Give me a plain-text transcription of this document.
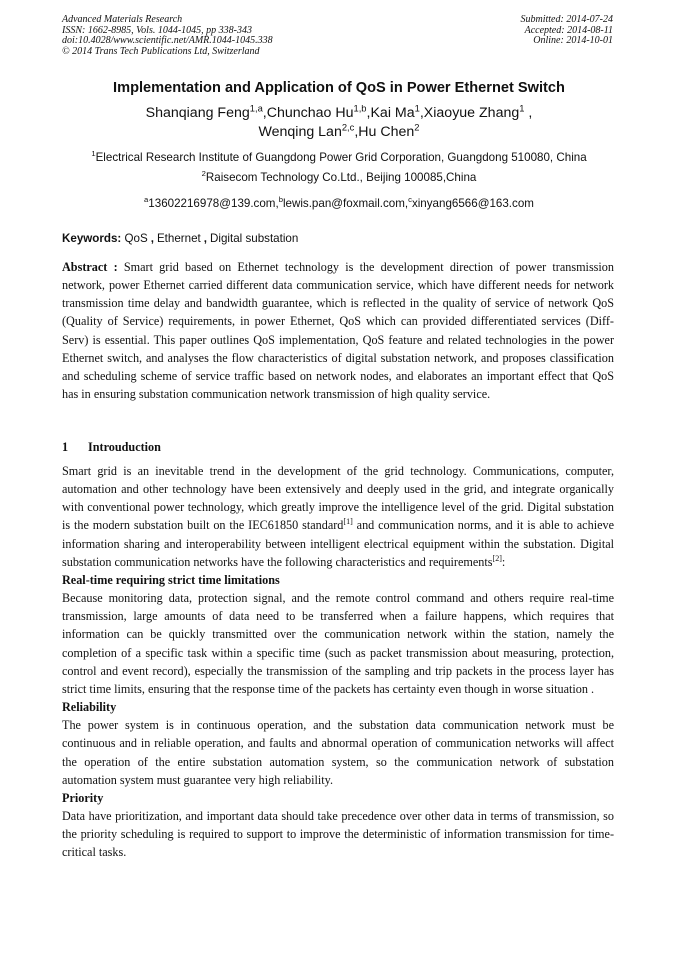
Advanced Materials Research
ISSN: 1662-8985, Vols. 1044-1045, pp 338-343
doi:10.4028/www.scientific.net/AMR.1044-1045.338
© 2014 Trans Tech Publications Ltd, Switzerland
Submitted: 2014-07-24
Accepted: 2014-08-11
Online: 2014-10-01
Implementation and Application of QoS in Power Ethernet Switch
Shanqiang Feng$^{1,a}$,Chunchao Hu$^{1,b}$,Kai Ma$^1$,Xiaoyue Zhang$^1$ ,
Wenqing Lan$^{2,c}$,Hu Chen$^2$
$^1$Electrical Research Institute of Guangdong Power Grid Corporation, Guangdong 510080, China
$^2$Raisecom Technology Co.Ltd., Beijing 100085,China
$^a$13602216978@139.com,$^b$lewis.pan@foxmail.com,$^c$xinyang6566@163.com
Keywords: QoS , Ethernet , Digital substation

Abstract : Smart grid based on Ethernet technology is the development direction of power transmission network, power Ethernet carried different data communication service, which have different needs for network transmission time delay and bandwidth guarantee, which is reflected in the quality of service of network QoS (Quality of Service) requirements, in power Ethernet, QoS which can provided differentiated services (Diff-Serv) is essential. This paper outlines QoS implementation, QoS feature and related technologies in the power Ethernet switch, and analyses the flow characteristics of digital substation network, and proposes classification and scheduling scheme of service traffic based on network nodes, and elaborates an important effect that QoS has in ensuring substation communication network transmission of high quality service.

1 Introuduction

Smart grid is an inevitable trend in the development of the grid technology. Communications, computer, automation and other technology have been extensively and deeply used in the grid, and integrate organically with conventional power technology, which greatly improve the intelligence level of the grid. Digital substation is the modern substation built on the IEC61850 standard[1] and communication norms, and it is able to achieve information sharing and interoperability between intelligent electrical equipment within the substation. Digital substation communication networks have the following characteristics and requirements[2]:

Real-time requiring strict time limitations

Because monitoring data, protection signal, and the remote control command and others require real-time transmission, large amounts of data need to be transferred when a failure happens, which requires that information can be quickly transmitted over the communication network within the station, namely the completion of a specific task within a specific time (such as packet transmission about measuring, protection, control and event record), especially the transmission of the sampling and trip packets in the process layer has strict time limits, ensuring that the response time of the packets has certainty even though in worse situation .

Reliability

The power system is in continuous operation, and the substation data communication network must be continuous and in reliable operation, and faults and abnormal operation of communication networks will affect the operation of the entire substation automation system, so the communication network of substation automation system must guarantee very high reliability.

Priority

Data have prioritization, and important data should take precedence over other data in terms of transmission, so the priority scheduling is required to support to improve the deterministic of information transmission for time-critical tasks.
